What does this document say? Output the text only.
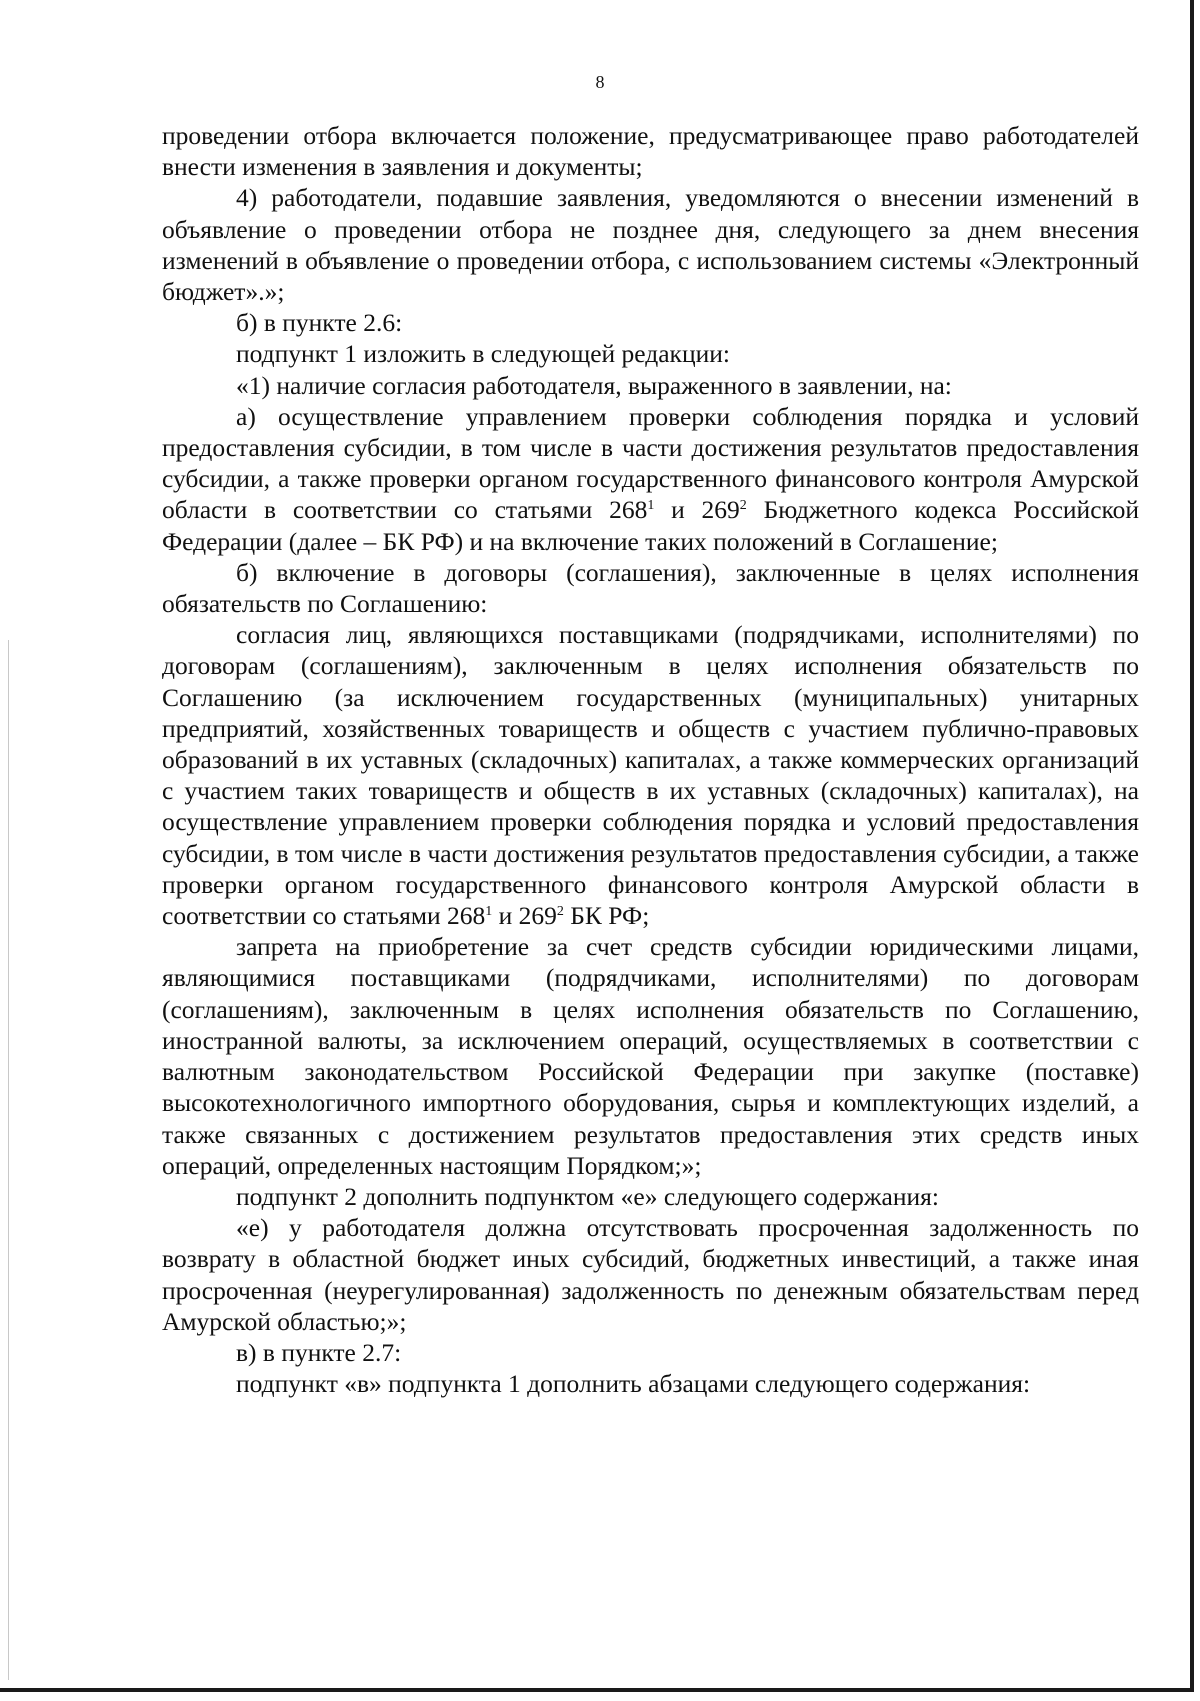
8

проведении отбора включается положение, предусматривающее право работодателей внести изменения в заявления и документы;

4) работодатели, подавшие заявления, уведомляются о внесении изменений в объявление о проведении отбора не позднее дня, следующего за днем внесения изменений в объявление о проведении отбора, с использованием системы «Электронный бюджет».»;

б) в пункте 2.6:

подпункт 1 изложить в следующей редакции:

«1) наличие согласия работодателя, выраженного в заявлении, на:

а) осуществление управлением проверки соблюдения порядка и условий предоставления субсидии, в том числе в части достижения результатов предоставления субсидии, а также проверки органом государственного финансового контроля Амурской области в соответствии со статьями $268^1$ и $269^2$ Бюджетного кодекса Российской Федерации (далее – БК РФ) и на включение таких положений в Соглашение;

б) включение в договоры (соглашения), заключенные в целях исполнения обязательств по Соглашению:

согласия лиц, являющихся поставщиками (подрядчиками, исполнителями) по договорам (соглашениям), заключенным в целях исполнения обязательств по Соглашению (за исключением государственных (муниципальных) унитарных предприятий, хозяйственных товариществ и обществ с участием публично-правовых образований в их уставных (складочных) капиталах, а также коммерческих организаций с участием таких товариществ и обществ в их уставных (складочных) капиталах), на осуществление управлением проверки соблюдения порядка и условий предоставления субсидии, в том числе в части достижения результатов предоставления субсидии, а также проверки органом государственного финансового контроля Амурской области в соответствии со статьями $268^1$ и $269^2$ БК РФ;

запрета на приобретение за счет средств субсидии юридическими лицами, являющимися поставщиками (подрядчиками, исполнителями) по договорам (соглашениям), заключенным в целях исполнения обязательств по Соглашению, иностранной валюты, за исключением операций, осуществляемых в соответствии с валютным законодательством Российской Федерации при закупке (поставке) высокотехнологичного импортного оборудования, сырья и комплектующих изделий, а также связанных с достижением результатов предоставления этих средств иных операций, определенных настоящим Порядком;»;

подпункт 2 дополнить подпунктом «е» следующего содержания:

«е) у работодателя должна отсутствовать просроченная задолженность по возврату в областной бюджет иных субсидий, бюджетных инвестиций, а также иная просроченная (неурегулированная) задолженность по денежным обязательствам перед Амурской областью;»;

в) в пункте 2.7:

подпункт «в» подпункта 1 дополнить абзацами следующего содержания:
